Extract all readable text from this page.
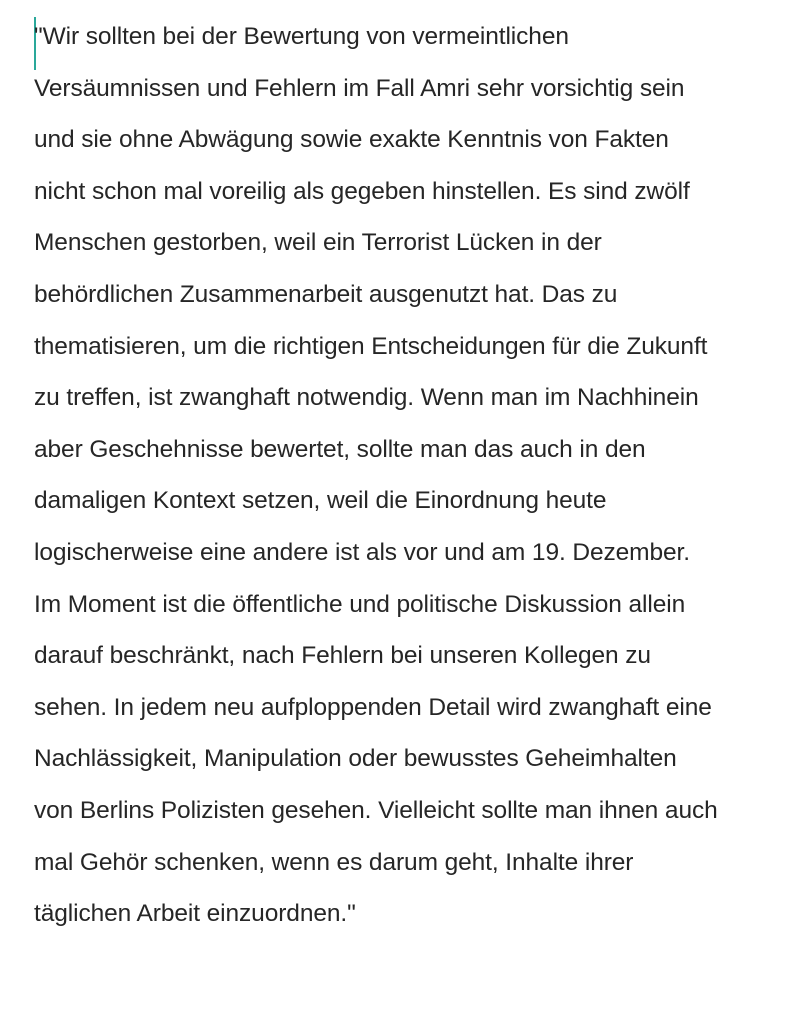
"Wir sollten bei der Bewertung von vermeintlichen
Versäumnissen und Fehlern im Fall Amri sehr vorsichtig sein
und sie ohne Abwägung sowie exakte Kenntnis von Fakten
nicht schon mal voreilig als gegeben hinstellen. Es sind zwölf
Menschen gestorben, weil ein Terrorist Lücken in der
behördlichen Zusammenarbeit ausgenutzt hat. Das zu
thematisieren, um die richtigen Entscheidungen für die Zukunft
zu treffen, ist zwanghaft notwendig. Wenn man im Nachhinein
aber Geschehnisse bewertet, sollte man das auch in den
damaligen Kontext setzen, weil die Einordnung heute
logischerweise eine andere ist als vor und am 19. Dezember.
Im Moment ist die öffentliche und politische Diskussion allein
darauf beschränkt, nach Fehlern bei unseren Kollegen zu
sehen. In jedem neu aufploppenden Detail wird zwanghaft eine
Nachlässigkeit, Manipulation oder bewusstes Geheimhalten
von Berlins Polizisten gesehen. Vielleicht sollte man ihnen auch
mal Gehör schenken, wenn es darum geht, Inhalte ihrer
täglichen Arbeit einzuordnen."
